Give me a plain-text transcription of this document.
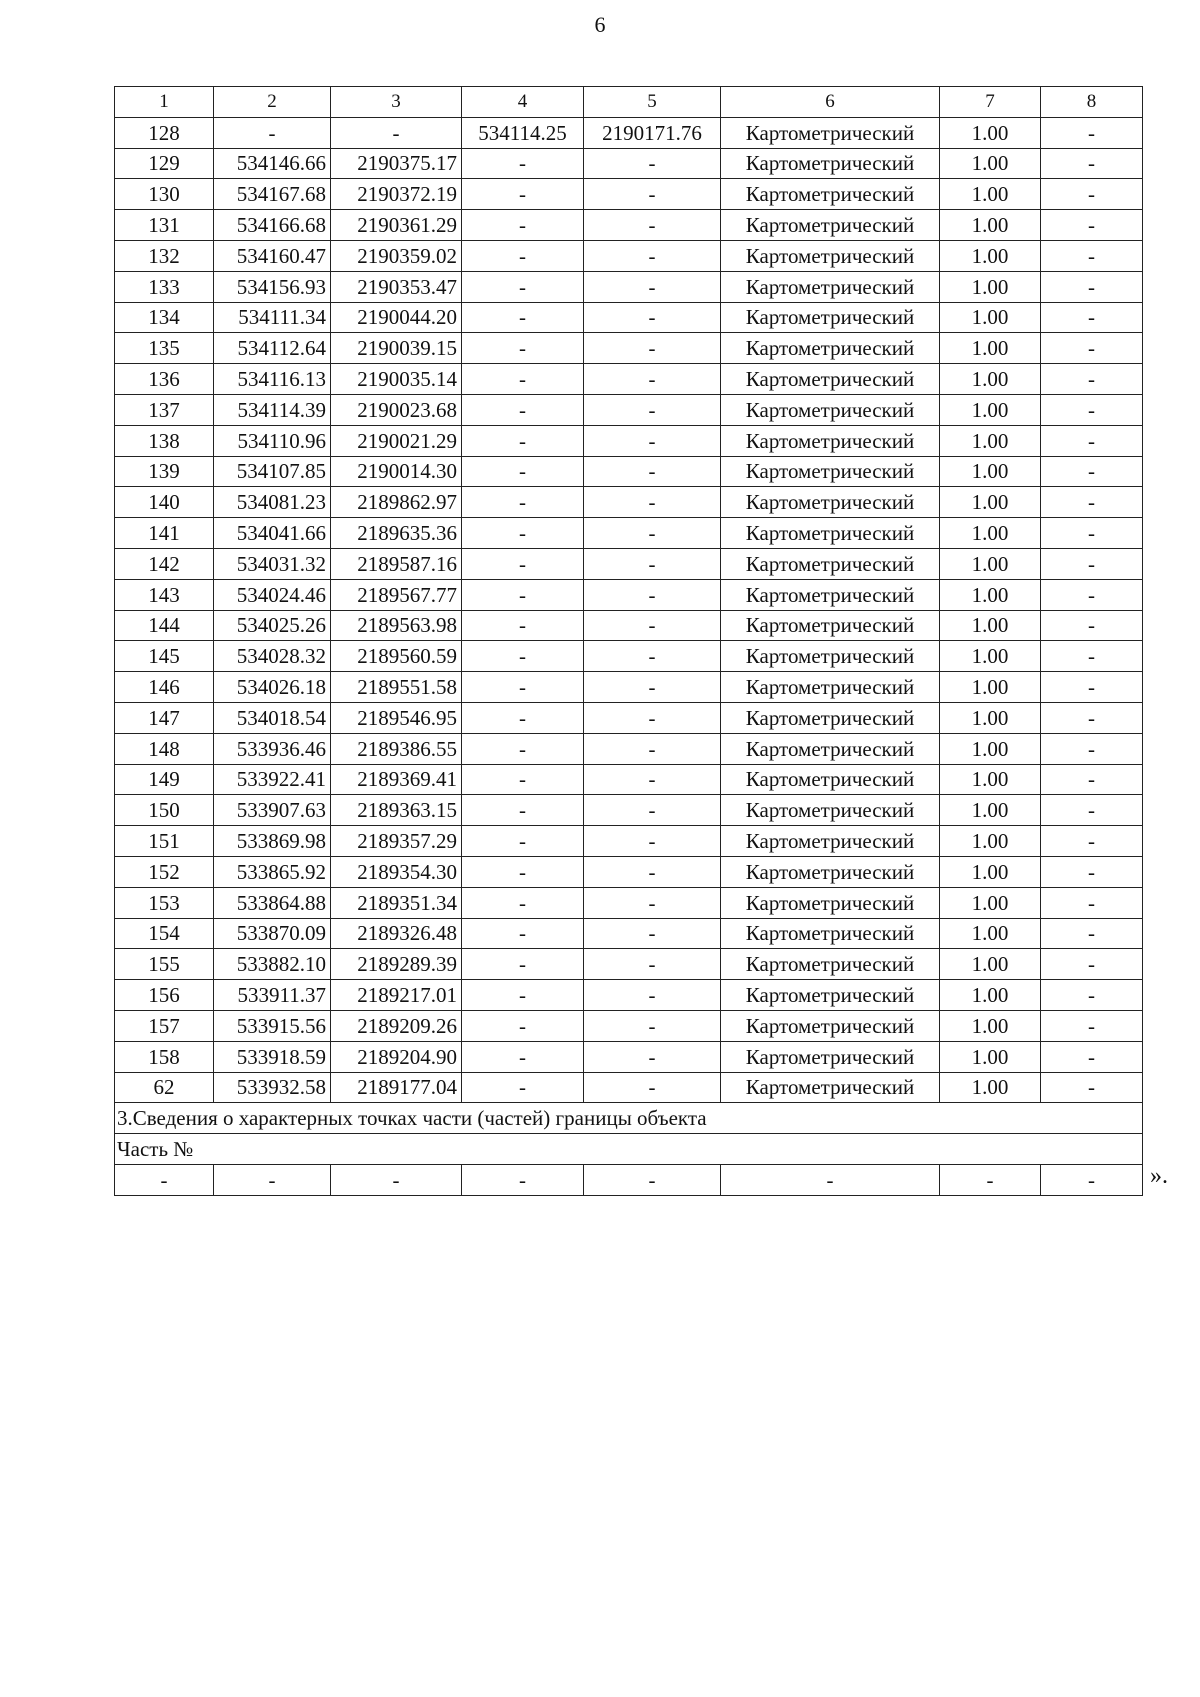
6
1	2	3	4	5	6	7	8
128	-	-	534114.25	2190171.76	Картометрический	1.00	-
129	534146.66	2190375.17	-	-	Картометрический	1.00	-
130	534167.68	2190372.19	-	-	Картометрический	1.00	-
131	534166.68	2190361.29	-	-	Картометрический	1.00	-
132	534160.47	2190359.02	-	-	Картометрический	1.00	-
133	534156.93	2190353.47	-	-	Картометрический	1.00	-
134	534111.34	2190044.20	-	-	Картометрический	1.00	-
135	534112.64	2190039.15	-	-	Картометрический	1.00	-
136	534116.13	2190035.14	-	-	Картометрический	1.00	-
137	534114.39	2190023.68	-	-	Картометрический	1.00	-
138	534110.96	2190021.29	-	-	Картометрический	1.00	-
139	534107.85	2190014.30	-	-	Картометрический	1.00	-
140	534081.23	2189862.97	-	-	Картометрический	1.00	-
141	534041.66	2189635.36	-	-	Картометрический	1.00	-
142	534031.32	2189587.16	-	-	Картометрический	1.00	-
143	534024.46	2189567.77	-	-	Картометрический	1.00	-
144	534025.26	2189563.98	-	-	Картометрический	1.00	-
145	534028.32	2189560.59	-	-	Картометрический	1.00	-
146	534026.18	2189551.58	-	-	Картометрический	1.00	-
147	534018.54	2189546.95	-	-	Картометрический	1.00	-
148	533936.46	2189386.55	-	-	Картометрический	1.00	-
149	533922.41	2189369.41	-	-	Картометрический	1.00	-
150	533907.63	2189363.15	-	-	Картометрический	1.00	-
151	533869.98	2189357.29	-	-	Картометрический	1.00	-
152	533865.92	2189354.30	-	-	Картометрический	1.00	-
153	533864.88	2189351.34	-	-	Картометрический	1.00	-
154	533870.09	2189326.48	-	-	Картометрический	1.00	-
155	533882.10	2189289.39	-	-	Картометрический	1.00	-
156	533911.37	2189217.01	-	-	Картометрический	1.00	-
157	533915.56	2189209.26	-	-	Картометрический	1.00	-
158	533918.59	2189204.90	-	-	Картометрический	1.00	-
62	533932.58	2189177.04	-	-	Картометрический	1.00	-
3.Сведения о характерных точках части (частей) границы объекта							
Часть №							
-	-	-	-	-	-	-	- ».
